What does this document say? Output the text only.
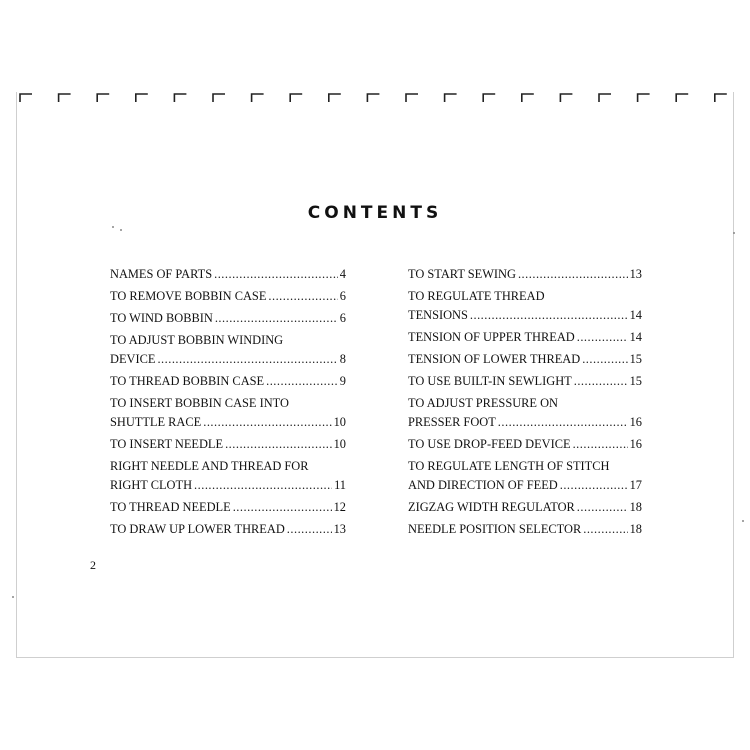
CONTENTS
NAMES OF PARTS .....	4
TO REMOVE BOBBIN CASE .....	6
TO WIND BOBBIN .....	6
TO ADJUST BOBBIN WINDING
DEVICE .....	8
TO THREAD BOBBIN CASE .....	9
TO INSERT BOBBIN CASE INTO
SHUTTLE RACE .....	10
TO INSERT NEEDLE .....	10
RIGHT NEEDLE AND THREAD FOR
RIGHT CLOTH .....	11
TO THREAD NEEDLE .....	12
TO DRAW UP LOWER THREAD .....	13
TO START SEWING .....	13
TO REGULATE THREAD
TENSIONS .....	14
TENSION OF UPPER THREAD .....	14
TENSION OF LOWER THREAD .....	15
TO USE BUILT-IN SEWLIGHT .....	15
TO ADJUST PRESSURE ON
PRESSER FOOT .....	16
TO USE DROP-FEED DEVICE .....	16
TO REGULATE LENGTH OF STITCH
AND DIRECTION OF FEED .....	17
ZIGZAG WIDTH REGULATOR .....	18
NEEDLE POSITION SELECTOR .....	18
2
